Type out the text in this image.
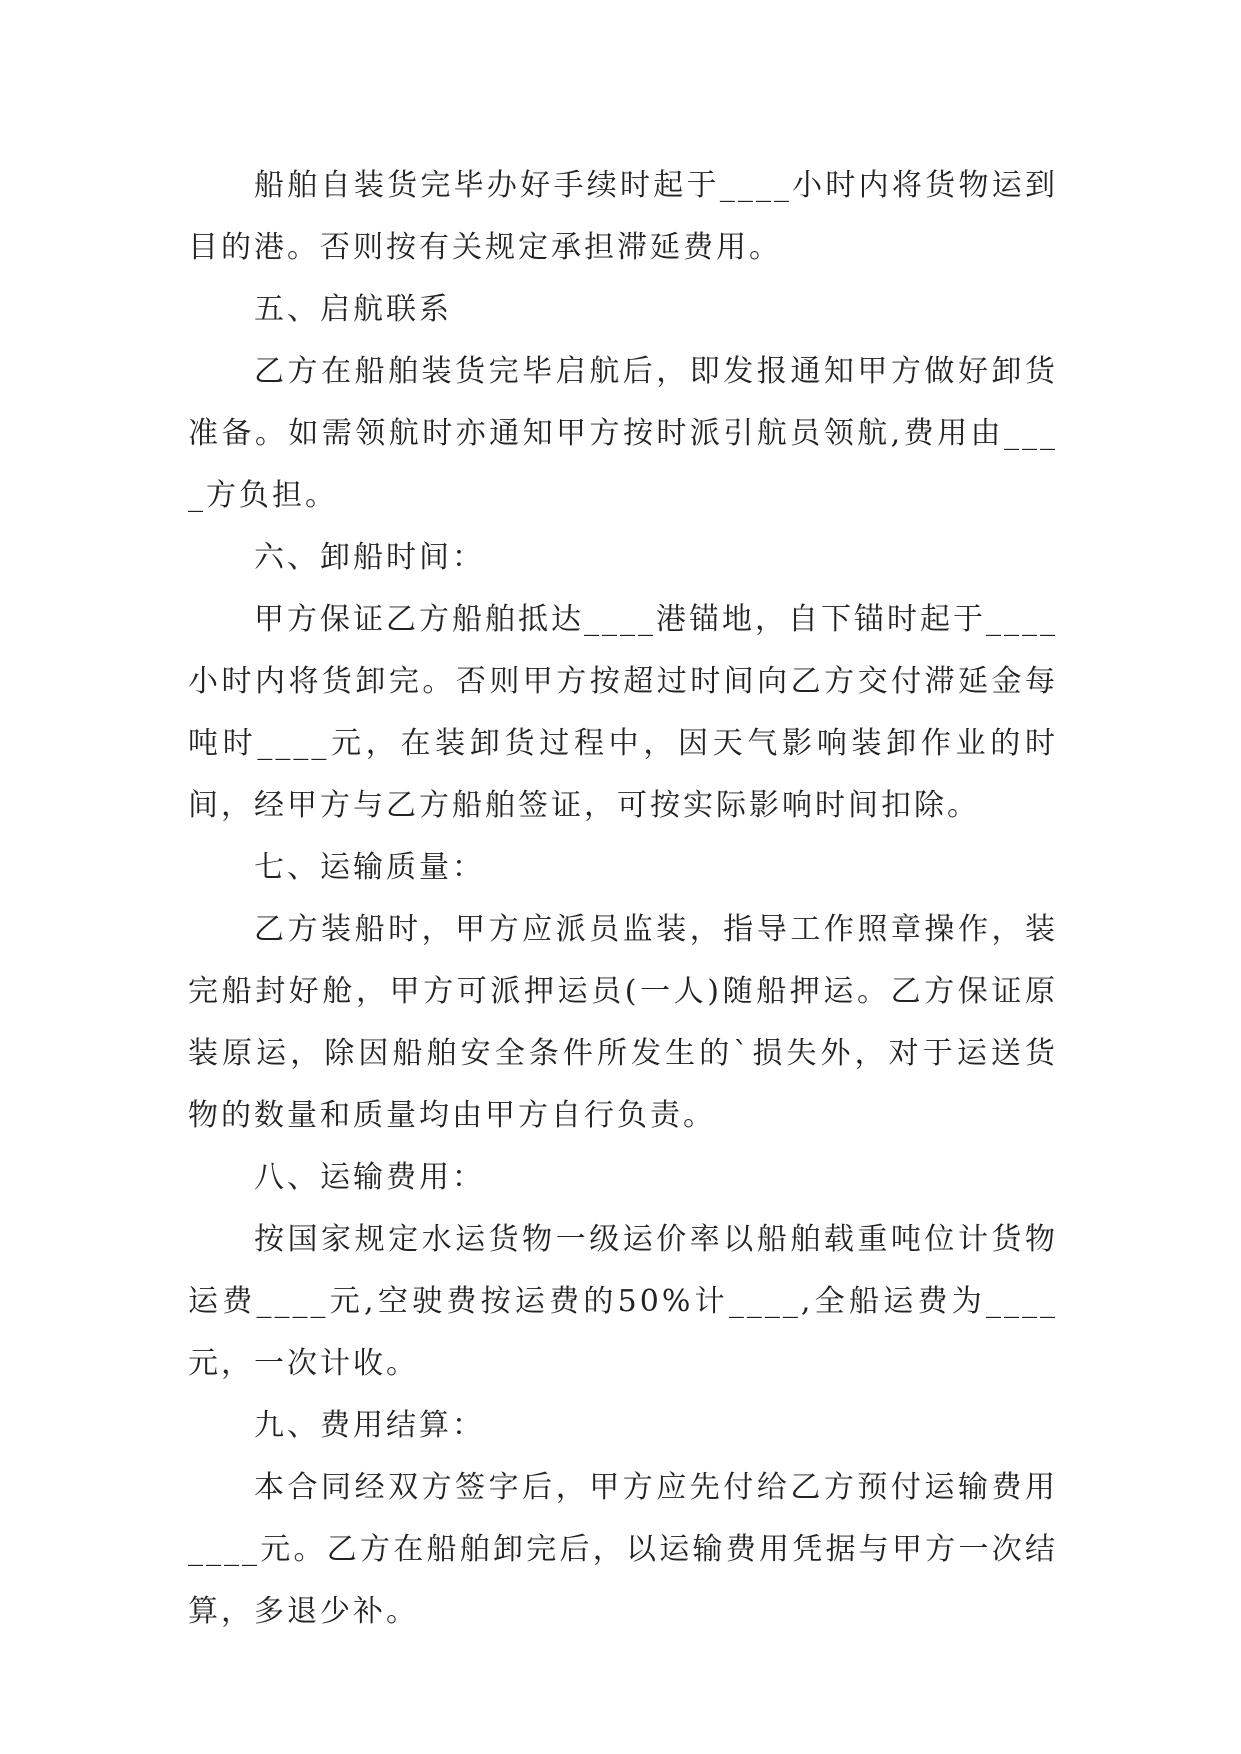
船舶自装货完毕办好手续时起于____小时内将货物运到目的港。否则按有关规定承担滞延费用。

五、启航联系

乙方在船舶装货完毕启航后，即发报通知甲方做好卸货准备。如需领航时亦通知甲方按时派引航员领航,费用由____方负担。

六、卸船时间：

甲方保证乙方船舶抵达____港锚地，自下锚时起于____小时内将货卸完。否则甲方按超过时间向乙方交付滞延金每吨时____元，在装卸货过程中，因天气影响装卸作业的时间，经甲方与乙方船舶签证，可按实际影响时间扣除。

七、运输质量：

乙方装船时，甲方应派员监装，指导工作照章操作，装完船封好舱，甲方可派押运员(一人)随船押运。乙方保证原装原运，除因船舶安全条件所发生的`损失外，对于运送货物的数量和质量均由甲方自行负责。

八、运输费用：

按国家规定水运货物一级运价率以船舶载重吨位计货物运费____元,空驶费按运费的50%计____,全船运费为____元，一次计收。

九、费用结算：

本合同经双方签字后，甲方应先付给乙方预付运输费用____元。乙方在船舶卸完后，以运输费用凭据与甲方一次结算，多退少补。
